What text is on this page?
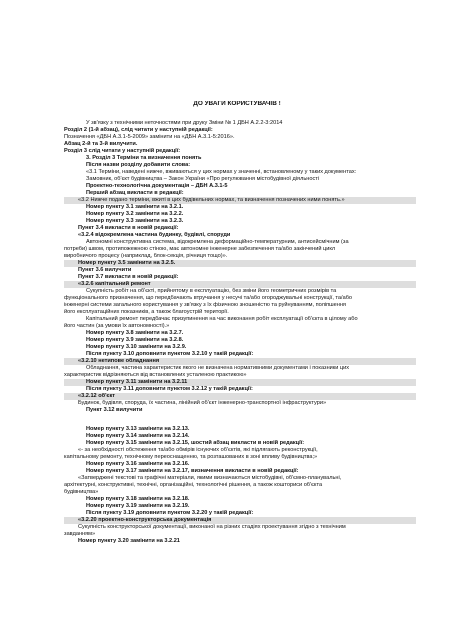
ДО УВАГИ КОРИСТУВАЧІВ !
У зв'язку з технічними неточностями при друку Зміни № 1 ДБН А.2.2-3:2014
Розділ 2 (1-й абзац), слід читати у наступній редакції:
Позначення «ДБН А.3.1-5-2009» замінити на «ДБН А.3.1-5:2016».
Абзац 2-й та 3-й вилучити.
Розділ 3 слід читати у наступній редакції:
3. Розділ 3 Терміни та визначення понять
Після назви розділу добавити слова:
«3.1 Терміни, наведені нижче, вживаються у цих нормах у значенні, встановленому у таких документах:
Замовник, об'єкт будівництва – Закон України «Про регулювання містобудівної діяльності
Проектно-технологічна документація – ДБН А.3.1-5
Перший абзац викласти в редакції:
«3.2 Нижче подано терміни, вжиті в цих будівельних нормах, та визначення позначених ними понять.»
Номер пункту 3.1 замінити на 3.2.1.
Номер пункту 3.2 замінити на 3.2.2.
Номер пункту 3.3 замінити на 3.2.3.
Пункт 3.4 викласти в новій редакції:
«3.2.4 відокремлена частина будинку, будівлі, споруди
Автономні конструктивна система, відокремлена деформаційно-температурним, антисейсмічним (за
потреби) швом, протипожежною стіною, має автономне інженерне забезпечення та/або закінчений цикл
виробничого процесу (наприклад, блок-секція, річниця тощо)».
Номер пункту 3.5 замінити на 3.2.5.
Пункт 3.6 вилучити
Пункт 3.7 викласти в новій редакції:
«3.2.6 капітальний ремонт
Сукупність робіт на об'єкті, прийнятому в експлуатацію, без зміни його геометричних розмірів та
функціонального призначення, що передбачають втручання у несучі та/або огороджувальні конструкції, та/або
інженерні системи загального користування у зв'язку з їх фізичною зношеністю та руйнуванням, поліпшення
його експлуатаційних показників, а також благоустрій території.
Капітальний ремонт передбачає призупинення на час виконання робіт експлуатації об'єкта в цілому або
його частин (за умови їх автономності).»
Номер пункту 3.8 замінити на 3.2.7.
Номер пункту 3.9 замінити на 3.2.8.
Номер пункту 3.10 замінити на 3.2.9.
Після пункту 3.10 доповнити пунктом 3.2.10 у такій редакції:
«3.2.10 нетипове обладнання
Обладнання, частина характеристик якого не визначена нормативними документами і показники цих
характеристик відрізняються від встановлених усталеною практикою»
Номер пункту 3.11 замінити на 3.2.11
Після пункту 3.11 доповнити пунктом 3.2.12 у такій редакції:
«3.2.12 об'єкт
Будинок, будівля, споруда, їх частина, лінійний об'єкт інженерно-транспортної інфраструктури»
Пункт 3.12 вилучити
Номер пункту 3.13 замінити на 3.2.13.
Номер пункту 3.14 замінити на 3.2.14.
Номер пункту 3.15 замінити на 3.2.15, шостий абзац викласти в новій редакції:
«- за необхідності обстеження та/або обмірів існуючих об'єктів, які підлягають реконструкції,
капітальному ремонту, технічному переоснащенню, та розташованих в зоні впливу будівництва;»
Номер пункту 3.16 замінити на 3.2.16.
Номер пункту 3.17 замінити на 3.2.17, визначення викласти в новій редакції:
«Затверджені текстові та графічні матеріали, якими визначаються містобудівні, об'ємно-планувальні,
архітектурні, конструктивні, технічні, організаційні, технологічні рішення, а також кошториси об'єкта
будівництва»
Номер пункту 3.18 замінити на 3.2.18.
Номер пункту 3.19 замінити на 3.2.19.
Після пункту 3.19 доповнити пунктом 3.2.20 у такій редакції:
«3.2.20 проектно-конструкторська документація
Сукупність конструкторської документації, виконаної на різних стадіях проектування згідно з технічним
завданням»
Номер пункту 3.20 замінити на 3.2.21
